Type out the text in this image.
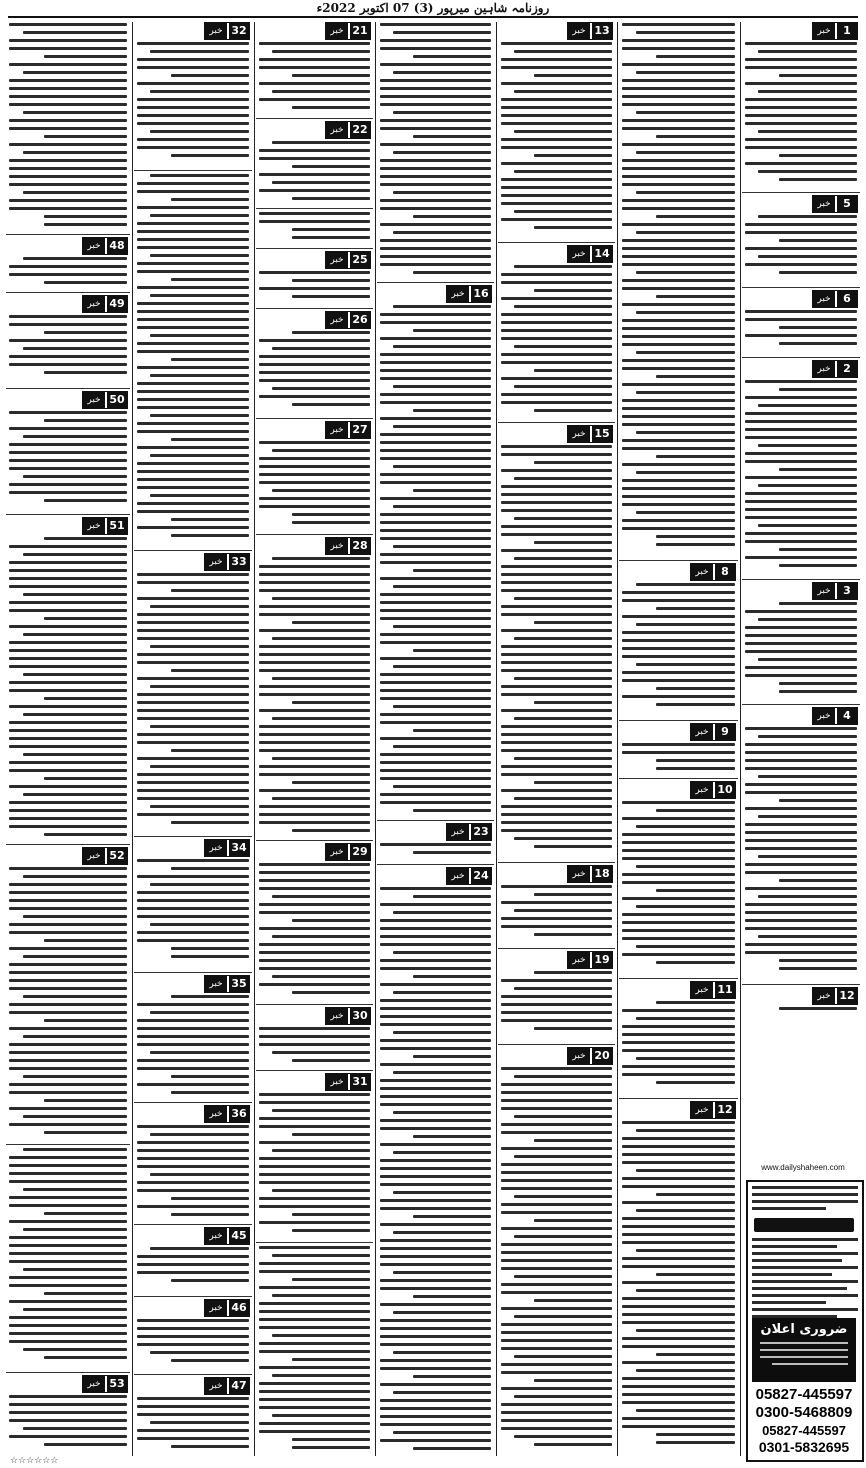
روزنامہ شاہین میرپور (3) 07 اکتوبر 2022ء
48
خبر
49
خبر
50
خبر
51
خبر
52
خبر
53
خبر
32
خبر
33
خبر
34
خبر
35
خبر
36
خبر
45
خبر
46
خبر
47
خبر
21
خبر
22
خبر
25
خبر
26
خبر
27
خبر
28
خبر
29
خبر
30
خبر
31
خبر
16
خبر
23
خبر
24
خبر
13
خبر
14
خبر
15
خبر
18
خبر
19
خبر
20
خبر
8
خبر
9
خبر
10
خبر
11
خبر
12
خبر
1
خبر
5
خبر
6
خبر
2
خبر
3
خبر
4
خبر
12
خبر
ضروری اعلان
05827-445597
0300-5468809
05827-445597
0301-5832695
www.dailyshaheen.com
☆☆☆☆☆☆
